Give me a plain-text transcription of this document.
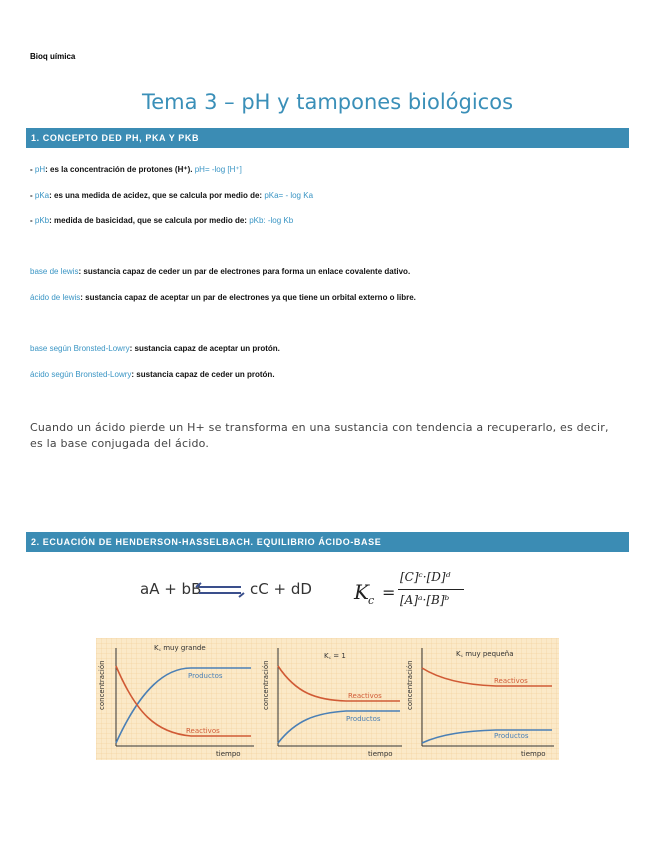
Bioq uímica
Tema 3 – pH y tampones biológicos
1. CONCEPTO DED PH, PKA Y PKB
- pH: es la concentración de protones (H⁺). pH= -log [H⁺]
- pKa: es una medida de acidez, que se calcula por medio de: pKa= - log Ka
- pKb: medida de basicidad, que se calcula por medio de: pKb: -log Kb
base de lewis: sustancia capaz de ceder un par de electrones para forma un enlace covalente dativo.
ácido de lewis: sustancia capaz de aceptar un par de electrones ya que tiene un orbital externo o libre.
base según Bronsted-Lowry: sustancia capaz de aceptar un protón.
ácido según Bronsted-Lowry: sustancia capaz de ceder un protón.
Cuando un ácido pierde un H+ se transforma en una sustancia con tendencia a recuperarlo, es decir, es la base conjugada del ácido.
2. ECUACIÓN DE HENDERSON-HASSELBACH. EQUILIBRIO ÁCIDO-BASE
aA + bB ⇌ cC + dD K c =
[C]ᶜ·[D]ᵈ
[A]ᵃ·[B]ᵇ
concentración
tiempo
K꜀ muy grande
Productos
Reactivos
concentración
tiempo
K꜀ = 1
Reactivos
Productos
concentración
tiempo
K꜀ muy pequeña
Reactivos
Productos
